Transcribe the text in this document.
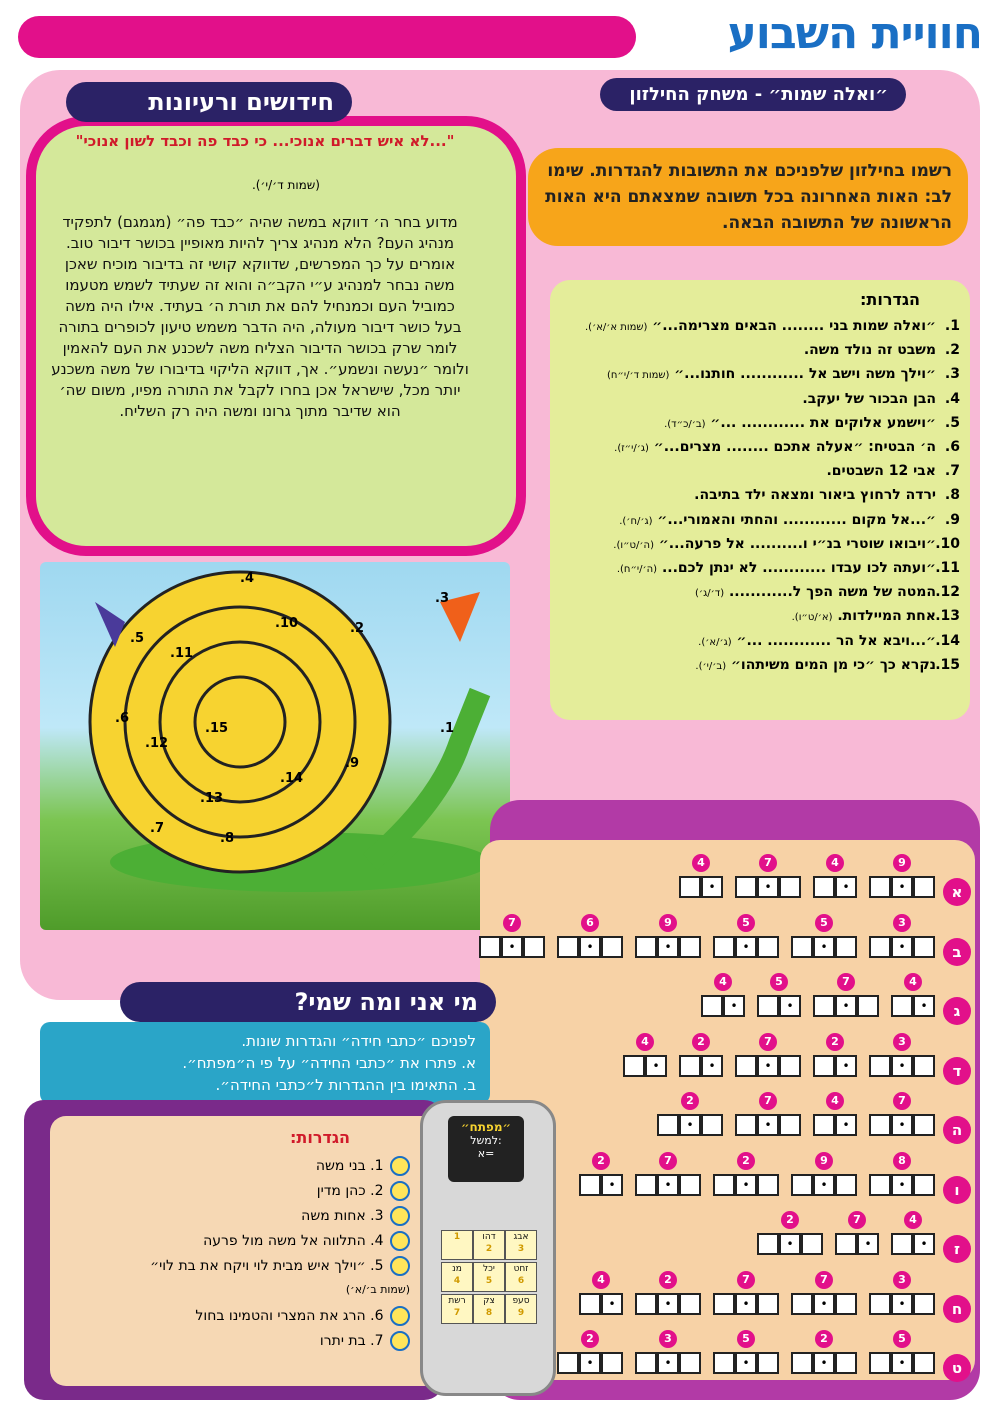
חוויית השבוע
חידושים ורעיונות
"...לא איש דברים אנוכי... כי כבד פה וכבד לשון אנוכי"
(שמות ד׳/י׳).
מדוע בחר ה׳ דווקא במשה שהיה ״כבד פה״ (מגמגם) לתפקיד מנהיג העם? הלא מנהיג צריך להיות מאופיין בכושר דיבור טוב. אומרים על כך המפרשים, שדווקא קושי זה בדיבור מוכיח שאכן משה נבחר למנהיג ע״י הקב״ה והוא זה שעתיד לשמש מטעמו כמוביל העם וכמנחיל להם את תורת ה׳ בעתיד. אילו היה משה בעל כושר דיבור מעולה, היה הדבר משמש טיעון לכופרים בתורה לומר שרק בכושר הדיבור הצליח משה לשכנע את העם להאמין ולומר ״נעשה ונשמע״. אך, דווקא הליקוי בדיבורו של משה משכנע יותר מכל, שישראל אכן בחרו לקבל את התורה מפיו, משום שה׳ הוא שדיבר מתוך גרונו ומשה היה רק השליח.
״ואלה שמות״ - משחק החילזון
רשמו בחילזון שלפניכם את התשובות להגדרות. שימו לב: האות האחרונה בכל תשובה שמצאתם היא האות הראשונה של התשובה הבאה.
הגדרות:
1.״ואלה שמות בני ........ הבאים מצרימה...״ (שמות א׳/א׳).
2.משבט זה נולד משה.
3.״וילך משה וישב אל ............ חותנו...״ (שמות ד׳/י״ח)
4.הבן הבכור של יעקב.
5.״וישמע אלוקים את ............ ...״ (ב׳/כ״ד).
6.ה׳ הבטיח: ״אעלה אתכם ........ מצרים...״ (ג׳/י״ז).
7.אבי 12 השבטים.
8.ירדה לרחוץ ביאור ומצאה ילד בתיבה.
9.״...אל מקום ............ והחתי והאמורי...״ (ג׳/ח׳).
10.״ויבואו שוטרי בנ״י ו.......... אל פרעה...״ (ה׳/ט״ו).
11.״ועתה לכו עבדו ............ לא ינתן לכם... (ה׳/י״ח).
12.המטה של משה הפך ל............ (ד׳/ג׳)
13.אחת המיילדות. (א׳/ט״ו).
14.״...ויבא אל הר ............ ...״ (ג׳/א׳).
15.נקרא כך ״כי מן המים משיתהו״ (ב׳/י׳).
.1
.2
.3
.4
.5
.6
.7
.8
.9
.10
.11
.12
.13
.14
.15
א
•
9
•
4
•
7
•
4
ב
•
3
•
5
•
5
•
9
•
6
•
7
ג
•
4
•
7
•
5
•
4
ד
•
3
•
2
•
7
•
2
•
4
ה
•
7
•
4
•
7
•
2
ו
•
8
•
9
•
2
•
7
•
2
ז
•
4
•
7
•
2
ח
•
3
•
7
•
7
•
2
•
4
ט
•
5
•
2
•
5
•
3
•
2
מי אני ומה שמי?
לפניכם ״כתבי חידה״ והגדרות שונות.
א. פתרו את ״כתבי החידה״ על פי ה״מפתח״.
ב. התאימו בין ההגדרות ל״כתבי החידה״.
הגדרות:
1. בני משה
2. כהן מדין
3. אחות משה
4. התלווה אל משה מול פרעה
5. ״וילך איש מבית לוי ויקח את בת לוי״
(שמות ב׳/א׳)
6. הרג את המצרי והטמינו בחול
7. בת יתרו
״מפתח״
למשל:
א=
אבג
3
דהו
2
1
זחט
6
יכל
5
מנ
4
סעפ
9
צק
8
רשת
7
